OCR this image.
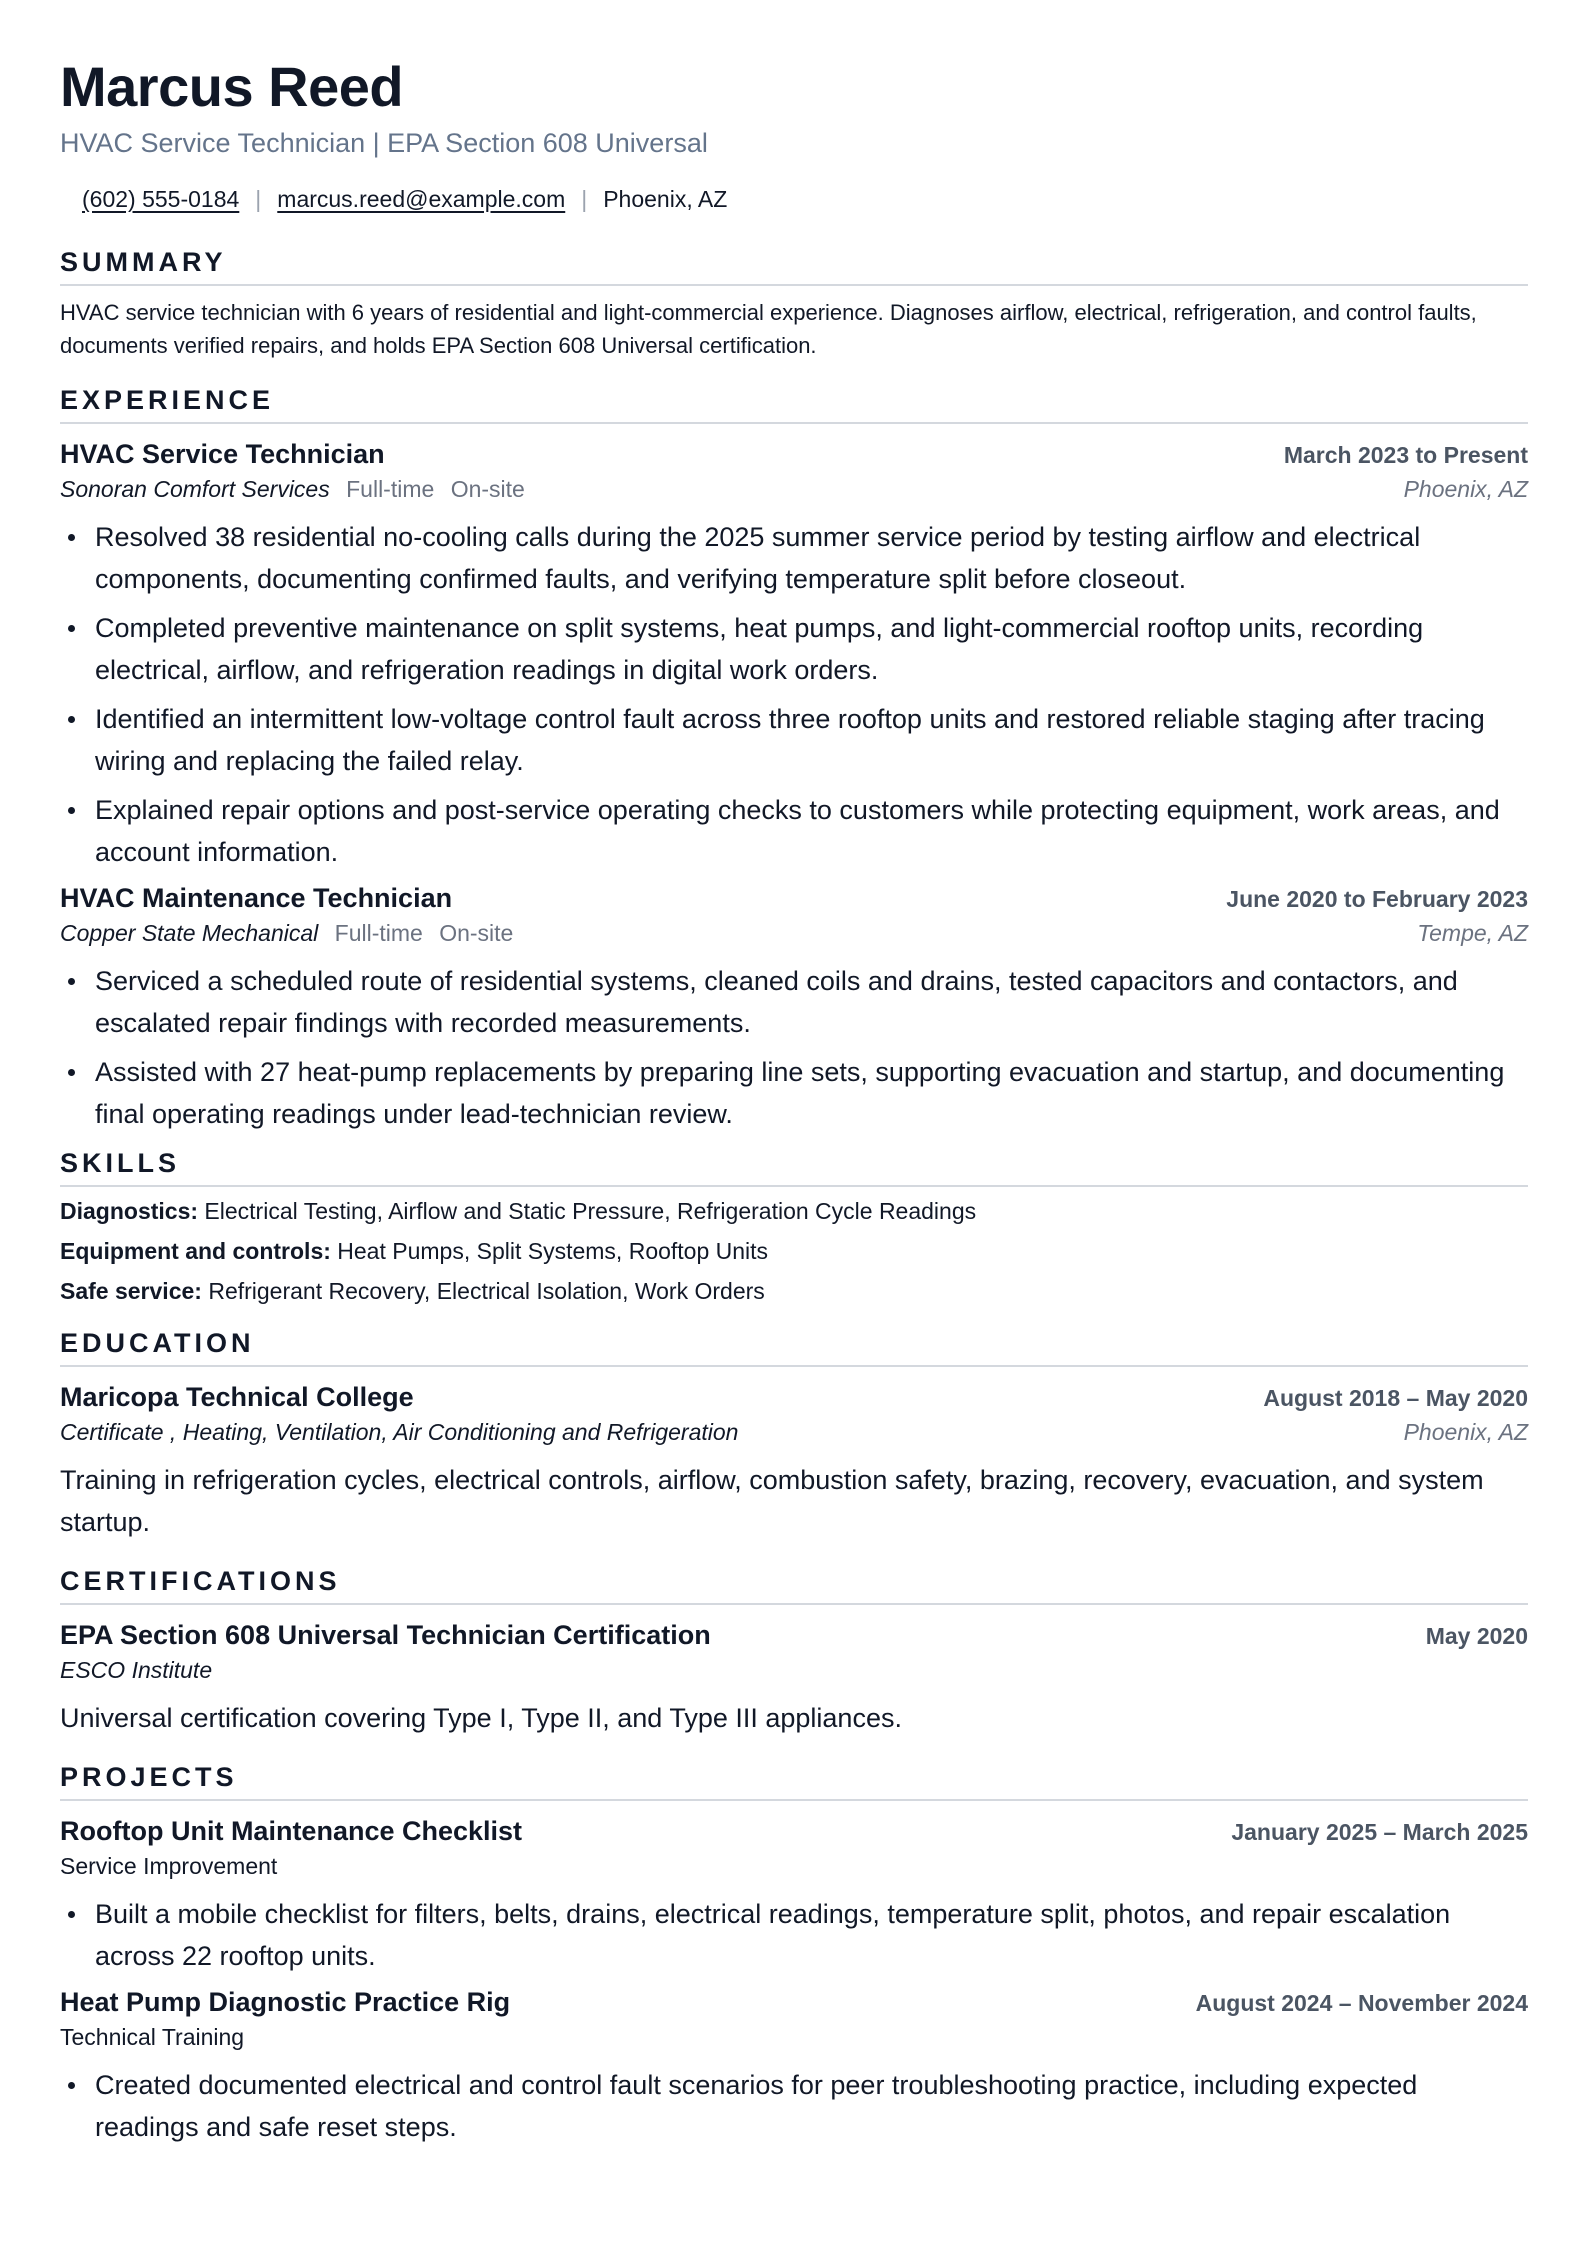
Marcus Reed
HVAC Service Technician | EPA Section 608 Universal
(602) 555-0184 | marcus.reed@example.com | Phoenix, AZ
SUMMARY

HVAC service technician with 6 years of residential and light-commercial experience. Diagnoses airflow, electrical, refrigeration, and control faults, documents verified repairs, and holds EPA Section 608 Universal certification.

EXPERIENCE
HVAC Service Technician	March 2023 to Present
Sonoran Comfort Services Full-time On-site	Phoenix, AZ
Resolved 38 residential no-cooling calls during the 2025 summer service period by testing airflow and electrical components, documenting confirmed faults, and verifying temperature split before closeout.
Completed preventive maintenance on split systems, heat pumps, and light-commercial rooftop units, recording electrical, airflow, and refrigeration readings in digital work orders.
Identified an intermittent low-voltage control fault across three rooftop units and restored reliable staging after tracing wiring and replacing the failed relay.
Explained repair options and post-service operating checks to customers while protecting equipment, work areas, and account information.
HVAC Maintenance Technician	June 2020 to February 2023
Copper State Mechanical Full-time On-site	Tempe, AZ
Serviced a scheduled route of residential systems, cleaned coils and drains, tested capacitors and contactors, and escalated repair findings with recorded measurements.
Assisted with 27 heat-pump replacements by preparing line sets, supporting evacuation and startup, and documenting final operating readings under lead-technician review.
SKILLS
Diagnostics: Electrical Testing, Airflow and Static Pressure, Refrigeration Cycle Readings
Equipment and controls: Heat Pumps, Split Systems, Rooftop Units
Safe service: Refrigerant Recovery, Electrical Isolation, Work Orders
EDUCATION
Maricopa Technical College	August 2018 – May 2020
Certificate , Heating, Ventilation, Air Conditioning and Refrigeration	Phoenix, AZ

Training in refrigeration cycles, electrical controls, airflow, combustion safety, brazing, recovery, evacuation, and system startup.

CERTIFICATIONS
EPA Section 608 Universal Technician Certification	May 2020
ESCO Institute

Universal certification covering Type I, Type II, and Type III appliances.

PROJECTS
Rooftop Unit Maintenance Checklist	January 2025 – March 2025
Service Improvement
Built a mobile checklist for filters, belts, drains, electrical readings, temperature split, photos, and repair escalation across 22 rooftop units.
Heat Pump Diagnostic Practice Rig	August 2024 – November 2024
Technical Training
Created documented electrical and control fault scenarios for peer troubleshooting practice, including expected readings and safe reset steps.
